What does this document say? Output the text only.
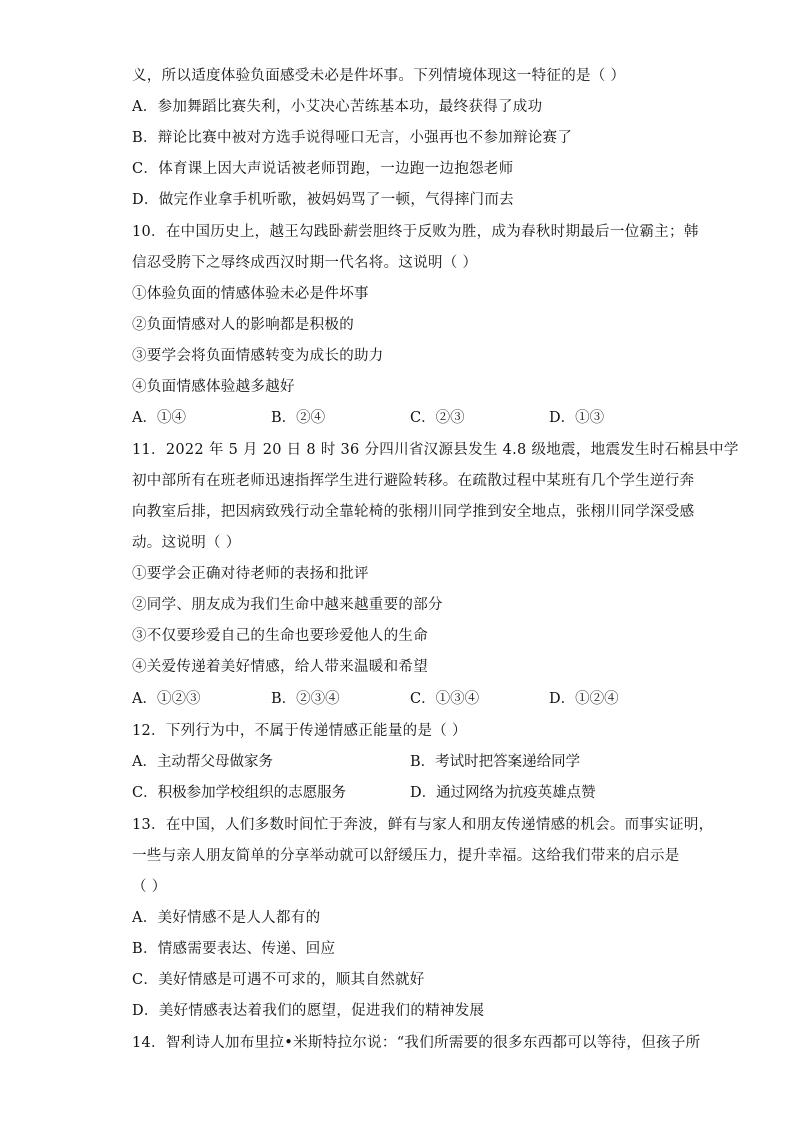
义，所以适度体验负面感受未必是件坏事。下列情境体现这一特征的是（ ）
A．参加舞蹈比赛失利，小艾决心苦练基本功，最终获得了成功
B．辩论比赛中被对方选手说得哑口无言，小强再也不参加辩论赛了
C．体育课上因大声说话被老师罚跑，一边跑一边抱怨老师
D．做完作业拿手机听歌，被妈妈骂了一顿，气得摔门而去
10．在中国历史上，越王勾践卧薪尝胆终于反败为胜，成为春秋时期最后一位霸主；韩
信忍受胯下之辱终成西汉时期一代名将。这说明（ ）
①体验负面的情感体验未必是件坏事
②负面情感对人的影响都是积极的
③要学会将负面情感转变为成长的助力
④负面情感体验越多越好
A．①④	B．②④	C．②③	D．①③
11．2022 年 5 月 20 日 8 时 36 分四川省汉源县发生 4.8 级地震，地震发生时石棉县中学
初中部所有在班老师迅速指挥学生进行避险转移。在疏散过程中某班有几个学生逆行奔
向教室后排，把因病致残行动全靠轮椅的张栩川同学推到安全地点，张栩川同学深受感
动。这说明（ ）
①要学会正确对待老师的表扬和批评
②同学、朋友成为我们生命中越来越重要的部分
③不仅要珍爱自己的生命也要珍爱他人的生命
④关爱传递着美好情感，给人带来温暖和希望
A．①②③	B．②③④	C．①③④	D．①②④
12．下列行为中，不属于传递情感正能量的是（ ）
A．主动帮父母做家务	B．考试时把答案递给同学
C．积极参加学校组织的志愿服务	D．通过网络为抗疫英雄点赞
13．在中国，人们多数时间忙于奔波，鲜有与家人和朋友传递情感的机会。而事实证明，
一些与亲人朋友简单的分享举动就可以舒缓压力，提升幸福。这给我们带来的启示是
（ ）
A．美好情感不是人人都有的
B．情感需要表达、传递、回应
C．美好情感是可遇不可求的，顺其自然就好
D．美好情感表达着我们的愿望，促进我们的精神发展
14．智利诗人加布里拉•米斯特拉尔说：“我们所需要的很多东西都可以等待，但孩子所
